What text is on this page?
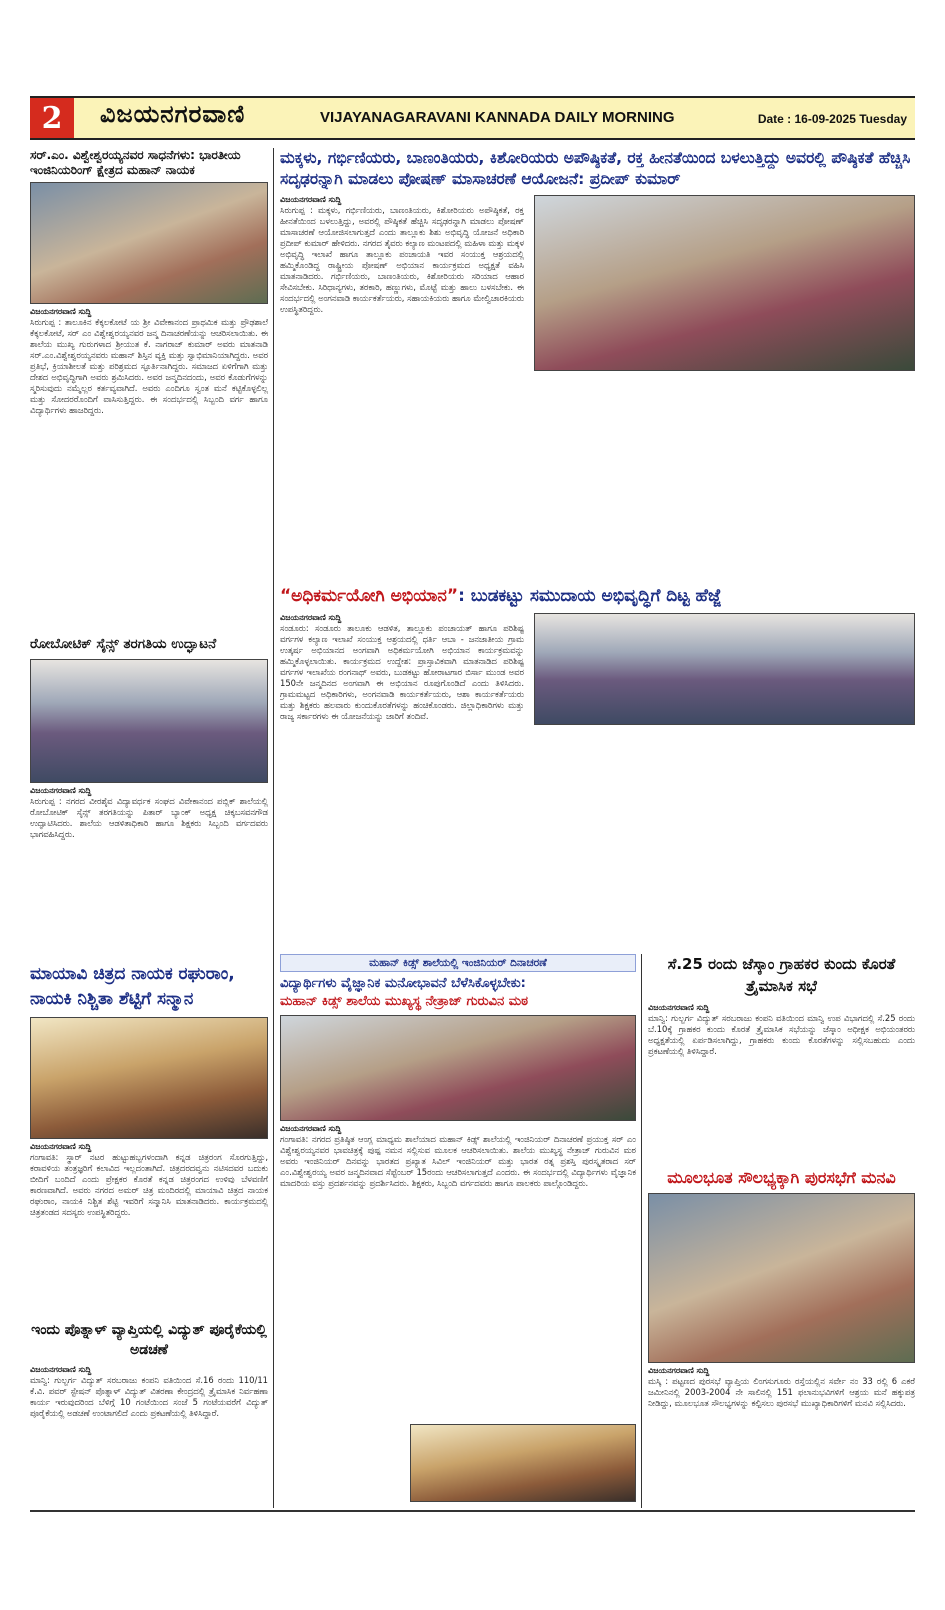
2	ವಿಜಯನಗರವಾಣಿ	VIJAYANAGARAVANI KANNADA DAILY MORNING	Date : 16-09-2025 Tuesday
ಸರ್.ಎಂ. ವಿಶ್ವೇಶ್ವರಯ್ಯನವರ ಸಾಧನೆಗಳು: ಭಾರತೀಯ ಇಂಜಿನಿಯರಿಂಗ್ ಕ್ಷೇತ್ರದ ಮಹಾನ್ ನಾಯಕ
ವಿಜಯನಗರವಾಣಿ ಸುದ್ದಿ
ಸಿರುಗುಪ್ಪ : ತಾಲೂಕಿನ ಕೆಕ್ಕಲಕೋಟೆ ಯ ಶ್ರೀ ವಿವೇಕಾನಂದ ಪ್ರಾಥಮಿಕ ಮತ್ತು ಪ್ರೌಢಶಾಲೆ ಕೆಕ್ಕಲಕೋಟೆ, ಸರ್ ಎಂ ವಿಶ್ವೇಶ್ವರಯ್ಯನವರ ಜನ್ಮ ದಿನಾಚರಣೆಯನ್ನು ಆಚರಿಸಲಾಯಿತು. ಈ ಶಾಲೆಯ ಮುಖ್ಯ ಗುರುಗಳಾದ ಶ್ರೀಯುತ ಕೆ. ನಾಗರಾಜ್ ಕುಮಾರ್ ಅವರು ಮಾತನಾಡಿ ಸರ್.ಎಂ.ವಿಶ್ವೇಶ್ವರಯ್ಯನವರು ಮಹಾನ್ ಶಿಸ್ತಿನ ವ್ಯಕ್ತಿ ಮತ್ತು ಸ್ವಾಭಿಮಾನಿಯಾಗಿದ್ದರು. ಅವರ ಪ್ರತಿಭೆ, ಕ್ರಿಯಾಶೀಲತೆ ಮತ್ತು ಪರಿಶ್ರಮದ ಸ್ಫೂರ್ತಿನಾಗಿದ್ದರು. ಸಮಾಜದ ಏಳಿಗೆಗಾಗಿ ಮತ್ತು ದೇಶದ ಅಭಿವೃದ್ಧಿಗಾಗಿ ಅವರು ಶ್ರಮಿಸಿದರು. ಅವರ ಜನ್ಮದಿನದಂದು, ಅವರ ಕೊಡುಗೆಗಳನ್ನು ಸ್ಮರಿಸುವುದು ನಮ್ಮೆಲ್ಲರ ಕರ್ತವ್ಯವಾಗಿದೆ. ಅವರು ಎಂದಿಗೂ ಸ್ವಂತ ಮನೆ ಕಟ್ಟಿಕೊಳ್ಳಲಿಲ್ಲ ಮತ್ತು ಸೋದರರೊಂದಿಗೆ ವಾಸಿಸುತ್ತಿದ್ದರು. ಈ ಸಂದರ್ಭದಲ್ಲಿ ಸಿಬ್ಬಂದಿ ವರ್ಗ ಹಾಗೂ ವಿದ್ಯಾರ್ಥಿಗಳು ಹಾಜರಿದ್ದರು.
ರೋಬೋಟಿಕ್ ಸೈನ್ಸ್ ತರಗತಿಯ ಉದ್ಘಾಟನೆ
ವಿಜಯನಗರವಾಣಿ ಸುದ್ದಿ
ಸಿರುಗುಪ್ಪ : ನಗರದ ವೀರಶೈವ ವಿದ್ಯಾವರ್ಧಕ ಸಂಘದ ವಿವೇಕಾನಂದ ಪಬ್ಲಿಕ್ ಶಾಲೆಯಲ್ಲಿ ರೋಬೋಟಿಕ್ ಸೈನ್ಸ್ ತರಗತಿಯನ್ನು ಪಿತಾರ್ ಬ್ಯಾಂಕ್ ಅಧ್ಯಕ್ಷ ಚಿಕ್ಕಬಸವನಗೌಡ ಉದ್ಘಾಟಿಸಿದರು. ಶಾಲೆಯ ಆಡಳಿತಾಧಿಕಾರಿ ಹಾಗೂ ಶಿಕ್ಷಕರು ಸಿಬ್ಬಂದಿ ವರ್ಗದವರು ಭಾಗವಹಿಸಿದ್ದರು.
ಮಾಯಾವಿ ಚಿತ್ರದ ನಾಯಕ ರಘುರಾಂ, ನಾಯಕಿ ನಿಶ್ಚಿತಾ ಶೆಟ್ಟಿಗೆ ಸನ್ಮಾನ
ವಿಜಯನಗರವಾಣಿ ಸುದ್ದಿ
ಗಂಗಾವತಿ: ಸ್ಥಾರ್ ನಟರ ಹುಟ್ಟುಹಬ್ಬಗಳಂದಾಗಿ ಕನ್ನಡ ಚಿತ್ರರಂಗ ಸೊರಗುತ್ತಿದ್ದು, ಕರಾವಳಿಯ ತಂತ್ರಜ್ಞರಿಗೆ ಕಲಾವಿದ ಇಲ್ಲದಂತಾಗಿದೆ. ಚಿತ್ರದರದವ್ವನು ನಟಿಸದವರ ಬದುಕು ಬೀದಿಗೆ ಬಂದಿದೆ ಎಂದು ಪ್ರೇಕ್ಷಕರ ಕೊರತೆ ಕನ್ನಡ ಚಿತ್ರರಂಗದ ಉಳಿವು ಬೆಳವಣಿಗೆ ಕಾರಣವಾಗಿದೆ. ಅವರು ನಗರದ ಅಮರ್ ಚಿತ್ರ ಮಂದಿರದಲ್ಲಿ ಮಾಯಾವಿ ಚಿತ್ರದ ನಾಯಕ ರಘುರಾಂ, ನಾಯಕಿ ನಿಶ್ಚಿತ ಶೆಟ್ಟಿ ಇವರಿಗೆ ಸನ್ಮಾನಿಸಿ ಮಾತನಾಡಿದರು. ಕಾರ್ಯಕ್ರಮದಲ್ಲಿ ಚಿತ್ರತಂಡದ ಸದಸ್ಯರು ಉಪಸ್ಥಿತರಿದ್ದರು.
ಇಂದು ಪೊತ್ನಾಳ್ ವ್ಯಾಪ್ತಿಯಲ್ಲಿ ವಿದ್ಯುತ್ ಪೂರೈಕೆಯಲ್ಲಿ ಅಡಚಣೆ
ವಿಜಯನಗರವಾಣಿ ಸುದ್ದಿ
ಮಾನ್ವಿ: ಗುಲ್ಬರ್ಗ ವಿದ್ಯುತ್ ಸರಬರಾಜು ಕಂಪನಿ ವತಿಯಿಂದ ಸೆ.16 ರಂದು 110/11 ಕೆ.ವಿ. ಪವರ್ ಸ್ಟೇಷನ್ ಪೊತ್ನಾಳ್ ವಿದ್ಯುತ್ ವಿತರಣಾ ಕೇಂದ್ರದಲ್ಲಿ ತ್ರೈಮಾಸಿಕ ನಿರ್ವಹಣಾ ಕಾರ್ಯ ಇರುವುದರಿಂದ ಬೆಳಿಗ್ಗೆ 10 ಗಂಟೆಯಿಂದ ಸಂಜೆ 5 ಗಂಟೆಯವರೆಗೆ ವಿದ್ಯುತ್ ಪೂರೈಕೆಯಲ್ಲಿ ಅಡಚಣೆ ಉಂಟಾಗಲಿದೆ ಎಂದು ಪ್ರಕಟಣೆಯಲ್ಲಿ ತಿಳಿಸಿದ್ದಾರೆ.
ಮಕ್ಕಳು, ಗರ್ಭಿಣಿಯರು, ಬಾಣಂತಿಯರು, ಕಿಶೋರಿಯರು ಅಪೌಷ್ಠಿಕತೆ, ರಕ್ತ ಹೀನತೆಯಿಂದ ಬಳಲುತ್ತಿದ್ದು ಅವರಲ್ಲಿ ಪೌಷ್ಠಿಕತೆ ಹೆಚ್ಚಿಸಿ ಸದೃಢರನ್ನಾಗಿ ಮಾಡಲು ಪೋಷಣ್ ಮಾಸಾಚರಣೆ ಆಯೋಜನೆ: ಪ್ರದೀಪ್ ಕುಮಾರ್
ವಿಜಯನಗರವಾಣಿ ಸುದ್ದಿ
ಸಿರುಗುಪ್ಪ : ಮಕ್ಕಳು, ಗರ್ಭಿಣಿಯರು, ಬಾಣಂತಿಯರು, ಕಿಶೋರಿಯರು ಅಪೌಷ್ಠಿಕತೆ, ರಕ್ತ ಹೀನತೆಯಿಂದ ಬಳಲುತ್ತಿದ್ದು, ಅವರಲ್ಲಿ ಪೌಷ್ಠಿಕತೆ ಹೆಚ್ಚಿಸಿ ಸದೃಢರನ್ನಾಗಿ ಮಾಡಲು ಪೋಷಣ್ ಮಾಸಾಚರಣೆ ಆಯೋಜಿಸಲಾಗುತ್ತದೆ ಎಂದು ತಾಲ್ಲೂಕು ಶಿಶು ಅಭಿವೃದ್ಧಿ ಯೋಜನೆ ಅಧಿಕಾರಿ ಪ್ರದೀಪ್ ಕುಮಾರ್ ಹೇಳಿದರು. ನಗರದ ತೈವರು ಕಲ್ಯಾಣ ಮಂಟಪದಲ್ಲಿ ಮಹಿಳಾ ಮತ್ತು ಮಕ್ಕಳ ಅಭಿವೃದ್ಧಿ ಇಲಾಖೆ ಹಾಗೂ ತಾಲ್ಲೂಕು ಪಂಚಾಯತಿ ಇವರ ಸಂಯುಕ್ತ ಆಶ್ರಯದಲ್ಲಿ ಹಮ್ಮಿಕೊಂಡಿದ್ದ ರಾಷ್ಟ್ರೀಯ ಪೋಷಣ್ ಅಭಿಯಾನ ಕಾರ್ಯಕ್ರಮದ ಅಧ್ಯಕ್ಷತೆ ವಹಿಸಿ ಮಾತನಾಡಿದರು. ಗರ್ಭಿಣಿಯರು, ಬಾಣಂತಿಯರು, ಕಿಶೋರಿಯರು ಸರಿಯಾದ ಆಹಾರ ಸೇವಿಸಬೇಕು. ಸಿರಿಧಾನ್ಯಗಳು, ತರಕಾರಿ, ಹಣ್ಣುಗಳು, ಮೊಟ್ಟೆ ಮತ್ತು ಹಾಲು ಬಳಸಬೇಕು. ಈ ಸಂದರ್ಭದಲ್ಲಿ ಅಂಗನವಾಡಿ ಕಾರ್ಯಕರ್ತೆಯರು, ಸಹಾಯಕಿಯರು ಹಾಗೂ ಮೇಲ್ವಿಚಾರಕಿಯರು ಉಪಸ್ಥಿತರಿದ್ದರು.
“ಅಧಿಕರ್ಮಯೋಗಿ ಅಭಿಯಾನ”: ಬುಡಕಟ್ಟು ಸಮುದಾಯ ಅಭಿವೃದ್ಧಿಗೆ ದಿಟ್ಟ ಹೆಜ್ಜೆ
ವಿಜಯನಗರವಾಣಿ ಸುದ್ದಿ
ಸಂಡೂರು: ಸಂಡೂರು ತಾಲೂಕು ಆಡಳಿತ, ತಾಲ್ಲೂಕು ಪಂಚಾಯತ್ ಹಾಗೂ ಪರಿಶಿಷ್ಟ ವರ್ಗಗಳ ಕಲ್ಯಾಣ ಇಲಾಖೆ ಸಂಯುಕ್ತ ಆಶ್ರಯದಲ್ಲಿ ಧರ್ತಿ ಆಬಾ - ಜನಜಾತೀಯ ಗ್ರಾಮ ಉತ್ಕರ್ಷ ಅಭಿಯಾನದ ಅಂಗವಾಗಿ ಅಧಿಕರ್ಮಯೋಗಿ ಅಭಿಯಾನ ಕಾರ್ಯಕ್ರಮವನ್ನು ಹಮ್ಮಿಕೊಳ್ಳಲಾಯಿತು. ಕಾರ್ಯಕ್ರಮದ ಉದ್ದೇಶ: ಪ್ರಾಸ್ತಾವಿಕವಾಗಿ ಮಾತನಾಡಿದ ಪರಿಶಿಷ್ಟ ವರ್ಗಗಳ ಇಲಾಖೆಯ ರಂಗನಾಥ್ ಅವರು, ಬುಡಕಟ್ಟು ಹೋರಾಟಗಾರ ಬಿರ್ಸಾ ಮುಂಡ ಅವರ 150ನೇ ಜನ್ಮದಿನದ ಅಂಗವಾಗಿ ಈ ಅಭಿಯಾನ ರೂಪುಗೊಂಡಿದೆ ಎಂದು ತಿಳಿಸಿದರು. ಗ್ರಾಮಮಟ್ಟದ ಅಧಿಕಾರಿಗಳು, ಅಂಗನವಾಡಿ ಕಾರ್ಯಕರ್ತೆಯರು, ಆಶಾ ಕಾರ್ಯಕರ್ತೆಯರು ಮತ್ತು ಶಿಕ್ಷಕರು ಹಲವಾರು ಕುಂದುಕೊರತೆಗಳನ್ನು ಹಂಚಿಕೊಂಡರು. ಜಿಲ್ಲಾಧಿಕಾರಿಗಳು ಮತ್ತು ರಾಜ್ಯ ಸರ್ಕಾರಗಳು ಈ ಯೋಜನೆಯನ್ನು ಜಾರಿಗೆ ತಂದಿವೆ.
ಮಹಾನ್ ಕಿಡ್ಸ್ ಶಾಲೆಯಲ್ಲಿ ಇಂಜಿನಿಯರ್ ದಿನಾಚರಣೆ
ವಿದ್ಯಾರ್ಥಿಗಳು ವೈಜ್ಞಾನಿಕ ಮನೋಭಾವನೆ ಬೆಳೆಸಿಕೊಳ್ಳಬೇಕು:
ಮಹಾನ್ ಕಿಡ್ಸ್ ಶಾಲೆಯ ಮುಖ್ಯಸ್ಥ ನೇತ್ರಾಜ್ ಗುರುವಿನ ಮಠ
ವಿಜಯನಗರವಾಣಿ ಸುದ್ದಿ
ಗಂಗಾವತಿ: ನಗರದ ಪ್ರತಿಷ್ಠಿತ ಆಂಗ್ಲ ಮಾಧ್ಯಮ ಶಾಲೆಯಾದ ಮಹಾನ್ ಕಿಡ್ಸ್ ಶಾಲೆಯಲ್ಲಿ ಇಂಜಿನಿಯರ್ ದಿನಾಚರಣೆ ಪ್ರಯುಕ್ತ ಸರ್ ಎಂ ವಿಶ್ವೇಶ್ವರಯ್ಯನವರ ಭಾವಚಿತ್ರಕ್ಕೆ ಪುಷ್ಪ ನಮನ ಸಲ್ಲಿಸುವ ಮೂಲಕ ಆಚರಿಸಲಾಯಿತು. ಶಾಲೆಯ ಮುಖ್ಯಸ್ಥ ನೇತ್ರಾಜ್ ಗುರುವಿನ ಮಠ ಅವರು ಇಂಜಿನಿಯರ್ ದಿನವನ್ನು ಭಾರತದ ಪ್ರಖ್ಯಾತ ಸಿವಿಲ್ ಇಂಜಿನಿಯರ್ ಮತ್ತು ಭಾರತ ರತ್ನ ಪ್ರಶಸ್ತಿ ಪುರಸ್ಕೃತರಾದ ಸರ್ ಎಂ.ವಿಶ್ವೇಶ್ವರಯ್ಯ ಅವರ ಜನ್ಮದಿನವಾದ ಸೆಪ್ಟೆಂಬರ್ 15ರಂದು ಆಚರಿಸಲಾಗುತ್ತದೆ ಎಂದರು. ಈ ಸಂದರ್ಭದಲ್ಲಿ ವಿದ್ಯಾರ್ಥಿಗಳು ವೈಜ್ಞಾನಿಕ ಮಾದರಿಯ ವಸ್ತು ಪ್ರದರ್ಶನವನ್ನು ಪ್ರದರ್ಶಿಸಿದರು. ಶಿಕ್ಷಕರು, ಸಿಬ್ಬಂದಿ ವರ್ಗದವರು ಹಾಗೂ ಪಾಲಕರು ಪಾಲ್ಗೊಂಡಿದ್ದರು.
ಸೆ.25 ರಂದು ಜೆಸ್ಕಾಂ ಗ್ರಾಹಕರ ಕುಂದು ಕೊರತೆ ತ್ರೈಮಾಸಿಕ ಸಭೆ
ವಿಜಯನಗರವಾಣಿ ಸುದ್ದಿ
ಮಾನ್ವಿ: ಗುಲ್ಬರ್ಗ ವಿದ್ಯುತ್ ಸರಬರಾಜು ಕಂಪನಿ ವತಿಯಿಂದ ಮಾನ್ವಿ ಉಪ ವಿಭಾಗದಲ್ಲಿ ಸೆ.25 ರಂದು ಬೆ.10ಕ್ಕೆ ಗ್ರಾಹಕರ ಕುಂದು ಕೊರತೆ ತ್ರೈಮಾಸಿಕ ಸಭೆಯನ್ನು ಜೆಸ್ಕಾಂ ಅಧೀಕ್ಷಕ ಅಭಿಯಂತರರು ಅಧ್ಯಕ್ಷತೆಯಲ್ಲಿ ಏರ್ಪಡಿಸಲಾಗಿದ್ದು, ಗ್ರಾಹಕರು ಕುಂದು ಕೊರತೆಗಳನ್ನು ಸಲ್ಲಿಸಬಹುದು ಎಂದು ಪ್ರಕಟಣೆಯಲ್ಲಿ ತಿಳಿಸಿದ್ದಾರೆ.
ಮೂಲಭೂತ ಸೌಲಭ್ಯಕ್ಕಾಗಿ ಪುರಸಭೆಗೆ ಮನವಿ
ವಿಜಯನಗರವಾಣಿ ಸುದ್ದಿ
ಮಸ್ಕಿ : ಪಟ್ಟಣದ ಪುರಸಭೆ ವ್ಯಾಪ್ತಿಯ ಲಿಂಗಸುಗೂರು ರಸ್ತೆಯಲ್ಲಿನ ಸರ್ವೇ ನಂ 33 ರಲ್ಲಿ 6 ಎಕರೆ ಜಮೀನಿನಲ್ಲಿ 2003-2004 ನೇ ಸಾಲಿನಲ್ಲಿ 151 ಫಲಾನುಭವಿಗಳಿಗೆ ಆಶ್ರಯ ಮನೆ ಹಕ್ಕುಪತ್ರ ನೀಡಿದ್ದು, ಮೂಲಭೂತ ಸೌಲಭ್ಯಗಳನ್ನು ಕಲ್ಪಿಸಲು ಪುರಸಭೆ ಮುಖ್ಯಾಧಿಕಾರಿಗಳಿಗೆ ಮನವಿ ಸಲ್ಲಿಸಿದರು.
